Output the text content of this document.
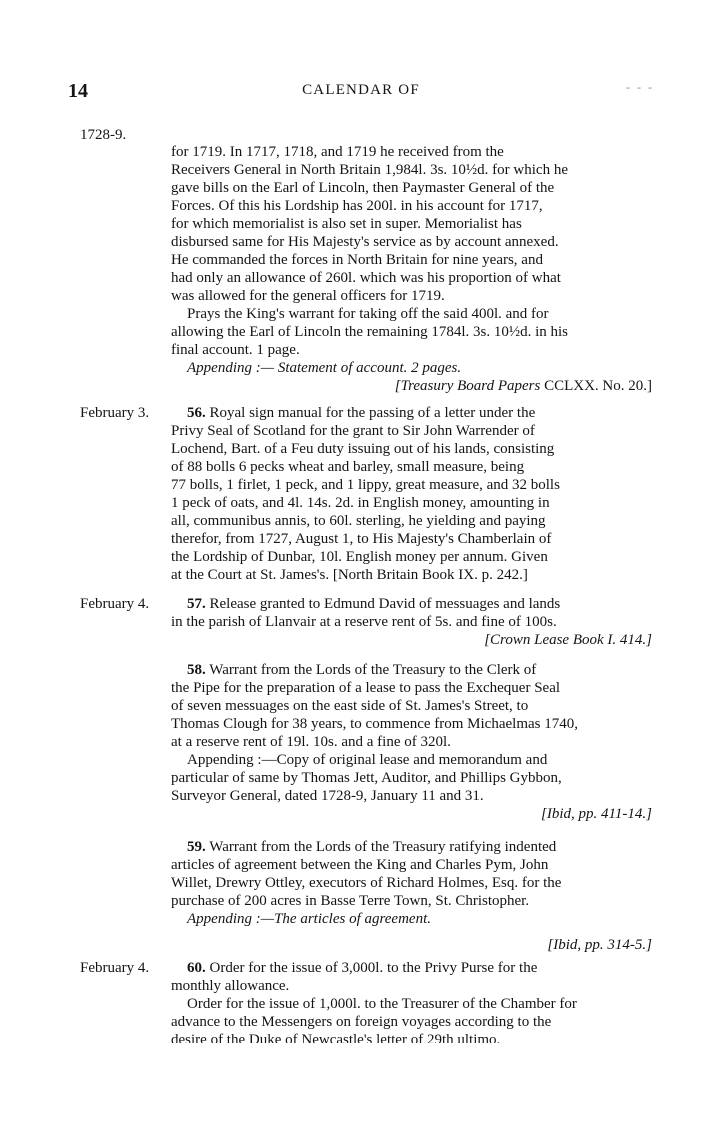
14	CALENDAR OF	- - -
1728-9.

for 1719. In 1717, 1718, and 1719 he received from the

Receivers General in North Britain 1,984l. 3s. 10½d. for which he

gave bills on the Earl of Lincoln, then Paymaster General of the

Forces. Of this his Lordship has 200l. in his account for 1717,

for which memorialist is also set in super. Memorialist has

disbursed same for His Majesty's service as by account annexed.

He commanded the forces in North Britain for nine years, and

had only an allowance of 260l. which was his proportion of what

was allowed for the general officers for 1719.

Prays the King's warrant for taking off the said 400l. and for

allowing the Earl of Lincoln the remaining 1784l. 3s. 10½d. in his

final account. 1 page.

Appending :— Statement of account. 2 pages.

[Treasury Board Papers CCLXX. No. 20.]

February 3.	56. Royal sign manual for the passing of a letter under the

Privy Seal of Scotland for the grant to Sir John Warrender of

Lochend, Bart. of a Feu duty issuing out of his lands, consisting

of 88 bolls 6 pecks wheat and barley, small measure, being

77 bolls, 1 firlet, 1 peck, and 1 lippy, great measure, and 32 bolls

1 peck of oats, and 4l. 14s. 2d. in English money, amounting in

all, communibus annis, to 60l. sterling, he yielding and paying

therefor, from 1727, August 1, to His Majesty's Chamberlain of

the Lordship of Dunbar, 10l. English money per annum. Given

at the Court at St. James's. [North Britain Book IX. p. 242.]

February 4.	57. Release granted to Edmund David of messuages and lands

in the parish of Llanvair at a reserve rent of 5s. and fine of 100s.

[Crown Lease Book I. 414.]

58. Warrant from the Lords of the Treasury to the Clerk of

the Pipe for the preparation of a lease to pass the Exchequer Seal

of seven messuages on the east side of St. James's Street, to

Thomas Clough for 38 years, to commence from Michaelmas 1740,

at a reserve rent of 19l. 10s. and a fine of 320l.

Appending :—Copy of original lease and memorandum and

particular of same by Thomas Jett, Auditor, and Phillips Gybbon,

Surveyor General, dated 1728-9, January 11 and 31.

[Ibid, pp. 411-14.]

59. Warrant from the Lords of the Treasury ratifying indented

articles of agreement between the King and Charles Pym, John

Willet, Drewry Ottley, executors of Richard Holmes, Esq. for the

purchase of 200 acres in Basse Terre Town, St. Christopher.

Appending :—The articles of agreement.

[Ibid, pp. 314-5.]

February 4.	60. Order for the issue of 3,000l. to the Privy Purse for the

monthly allowance.

Order for the issue of 1,000l. to the Treasurer of the Chamber for

advance to the Messengers on foreign voyages according to the

desire of the Duke of Newcastle's letter of 29th ultimo.
